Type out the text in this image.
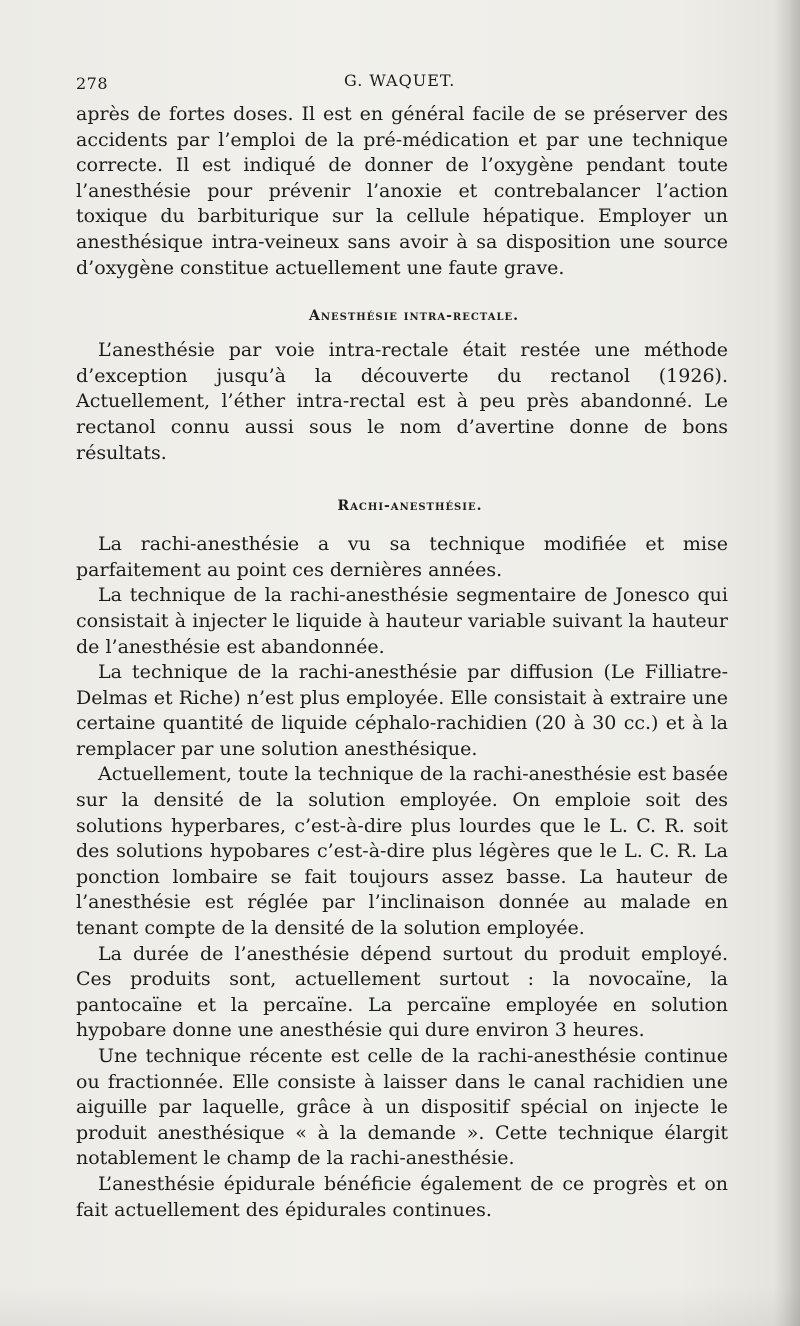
278	G. WAQUET.

après de fortes doses. Il est en général facile de se préserver des accidents par l’emploi de la pré-médication et par une technique correcte. Il est indiqué de donner de l’oxygène pendant toute l’anesthésie pour prévenir l’anoxie et contrebalancer l’action toxique du barbiturique sur la cellule hépatique. Employer un anesthésique intra-veineux sans avoir à sa disposition une source d’oxygène constitue actuellement une faute grave.

Anesthésie intra-rectale.

L’anesthésie par voie intra-rectale était restée une méthode d’exception jusqu’à la découverte du rectanol (1926). Actuellement, l’éther intra-rectal est à peu près abandonné. Le rectanol connu aussi sous le nom d’avertine donne de bons résultats.

Rachi-anesthésie.

La rachi-anesthésie a vu sa technique modifiée et mise parfaitement au point ces dernières années.

La technique de la rachi-anesthésie segmentaire de Jonesco qui consistait à injecter le liquide à hauteur variable suivant la hauteur de l’anesthésie est abandonnée.

La technique de la rachi-anesthésie par diffusion (Le Filliatre-Delmas et Riche) n’est plus employée. Elle consistait à extraire une certaine quantité de liquide céphalo-rachidien (20 à 30 cc.) et à la remplacer par une solution anesthésique.

Actuellement, toute la technique de la rachi-anesthésie est basée sur la densité de la solution employée. On emploie soit des solutions hyperbares, c’est-à-dire plus lourdes que le L. C. R. soit des solutions hypobares c’est-à-dire plus légères que le L. C. R. La ponction lombaire se fait toujours assez basse. La hauteur de l’anesthésie est réglée par l’inclinaison donnée au malade en tenant compte de la densité de la solution employée.

La durée de l’anesthésie dépend surtout du produit employé. Ces produits sont, actuellement surtout : la novocaïne, la pantocaïne et la percaïne. La percaïne employée en solution hypobare donne une anesthésie qui dure environ 3 heures.

Une technique récente est celle de la rachi-anesthésie continue ou fractionnée. Elle consiste à laisser dans le canal rachidien une aiguille par laquelle, grâce à un dispositif spécial on injecte le produit anesthésique « à la demande ». Cette technique élargit notablement le champ de la rachi-anesthésie.

L’anesthésie épidurale bénéficie également de ce progrès et on fait actuellement des épidurales continues.
